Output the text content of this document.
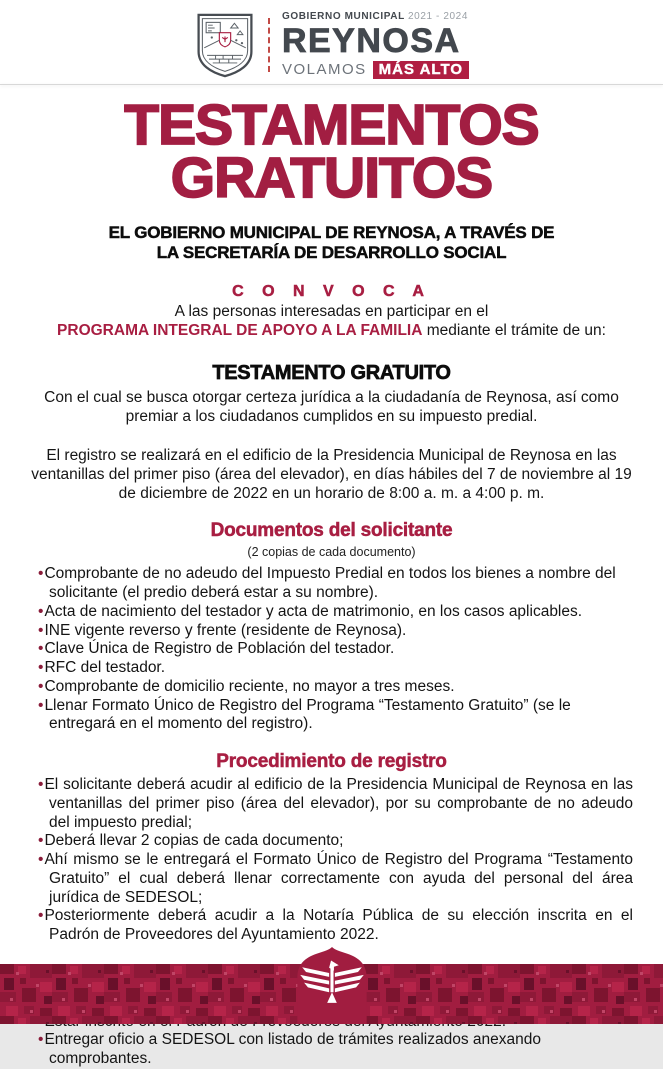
GOBIERNO MUNICIPAL 2021 - 2024
REYNOSA
VOLAMOS MÁS ALTO
TESTAMENTOS
GRATUITOS
EL GOBIERNO MUNICIPAL DE REYNOSA, A TRAVÉS DE
LA SECRETARÍA DE DESARROLLO SOCIAL
C O N V O C A

A las personas interesadas en participar en el
PROGRAMA INTEGRAL DE APOYO A LA FAMILIA mediante el trámite de un:

TESTAMENTO GRATUITO

Con el cual se busca otorgar certeza jurídica a la ciudadanía de Reynosa, así como premiar a los ciudadanos cumplidos en su impuesto predial.

El registro se realizará en el edificio de la Presidencia Municipal de Reynosa en las ventanillas del primer piso (área del elevador), en días hábiles del 7 de noviembre al 19 de diciembre de 2022 en un horario de 8:00 a. m. a 4:00 p. m.

Documentos del solicitante
(2 copias de cada documento)
•Comprobante de no adeudo del Impuesto Predial en todos los bienes a nombre del solicitante (el predio deberá estar a su nombre).
•Acta de nacimiento del testador y acta de matrimonio, en los casos aplicables.
•INE vigente reverso y frente (residente de Reynosa).
•Clave Única de Registro de Población del testador.
•RFC del testador.
•Comprobante de domicilio reciente, no mayor a tres meses.
•Llenar Formato Único de Registro del Programa “Testamento Gratuito” (se le entregará en el momento del registro).
Procedimiento de registro
•El solicitante deberá acudir al edificio de la Presidencia Municipal de Reynosa en las ventanillas del primer piso (área del elevador), por su comprobante de no adeudo del impuesto predial;
•Deberá llevar 2 copias de cada documento;
•Ahí mismo se le entregará el Formato Único de Registro del Programa “Testamento Gratuito” el cual deberá llenar correctamente con ayuda del personal del área jurídica de SEDESOL;
•Posteriormente deberá acudir a la Notaría Pública de su elección inscrita en el Padrón de Proveedores del Ayuntamiento 2022.
•Entregar oficio a SEDESOL con listado de trámites realizados anexando comprobantes.
